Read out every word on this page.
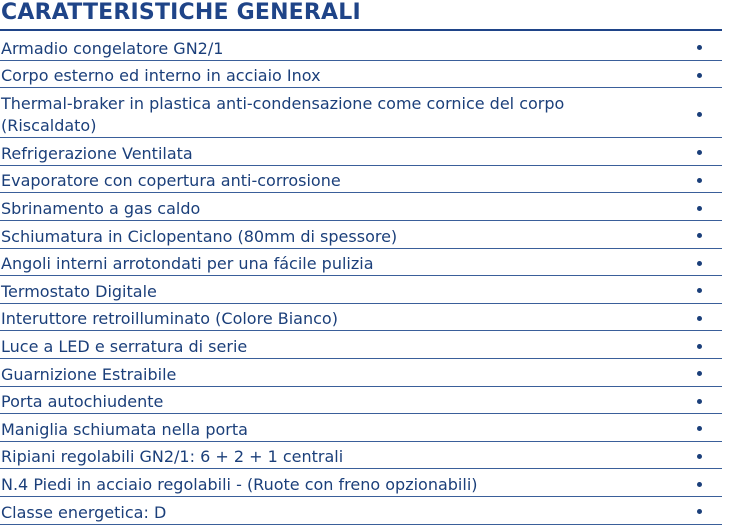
CARATTERISTICHE GENERALI
Armadio congelatore GN2/1
Corpo esterno ed interno in acciaio Inox
Thermal-braker in plastica anti-condensazione come cornice del corpo (Riscaldato)
Refrigerazione Ventilata
Evaporatore con copertura anti-corrosione
Sbrinamento a gas caldo
Schiumatura in Ciclopentano (80mm di spessore)
Angoli interni arrotondati per una fácile pulizia
Termostato Digitale
Interuttore retroilluminato (Colore Bianco)
Luce a LED e serratura di serie
Guarnizione Estraibile
Porta autochiudente
Maniglia schiumata nella porta
Ripiani regolabili GN2/1: 6 + 2 + 1 centrali
N.4 Piedi in acciaio regolabili - (Ruote con freno opzionabili)
Classe energetica: D
